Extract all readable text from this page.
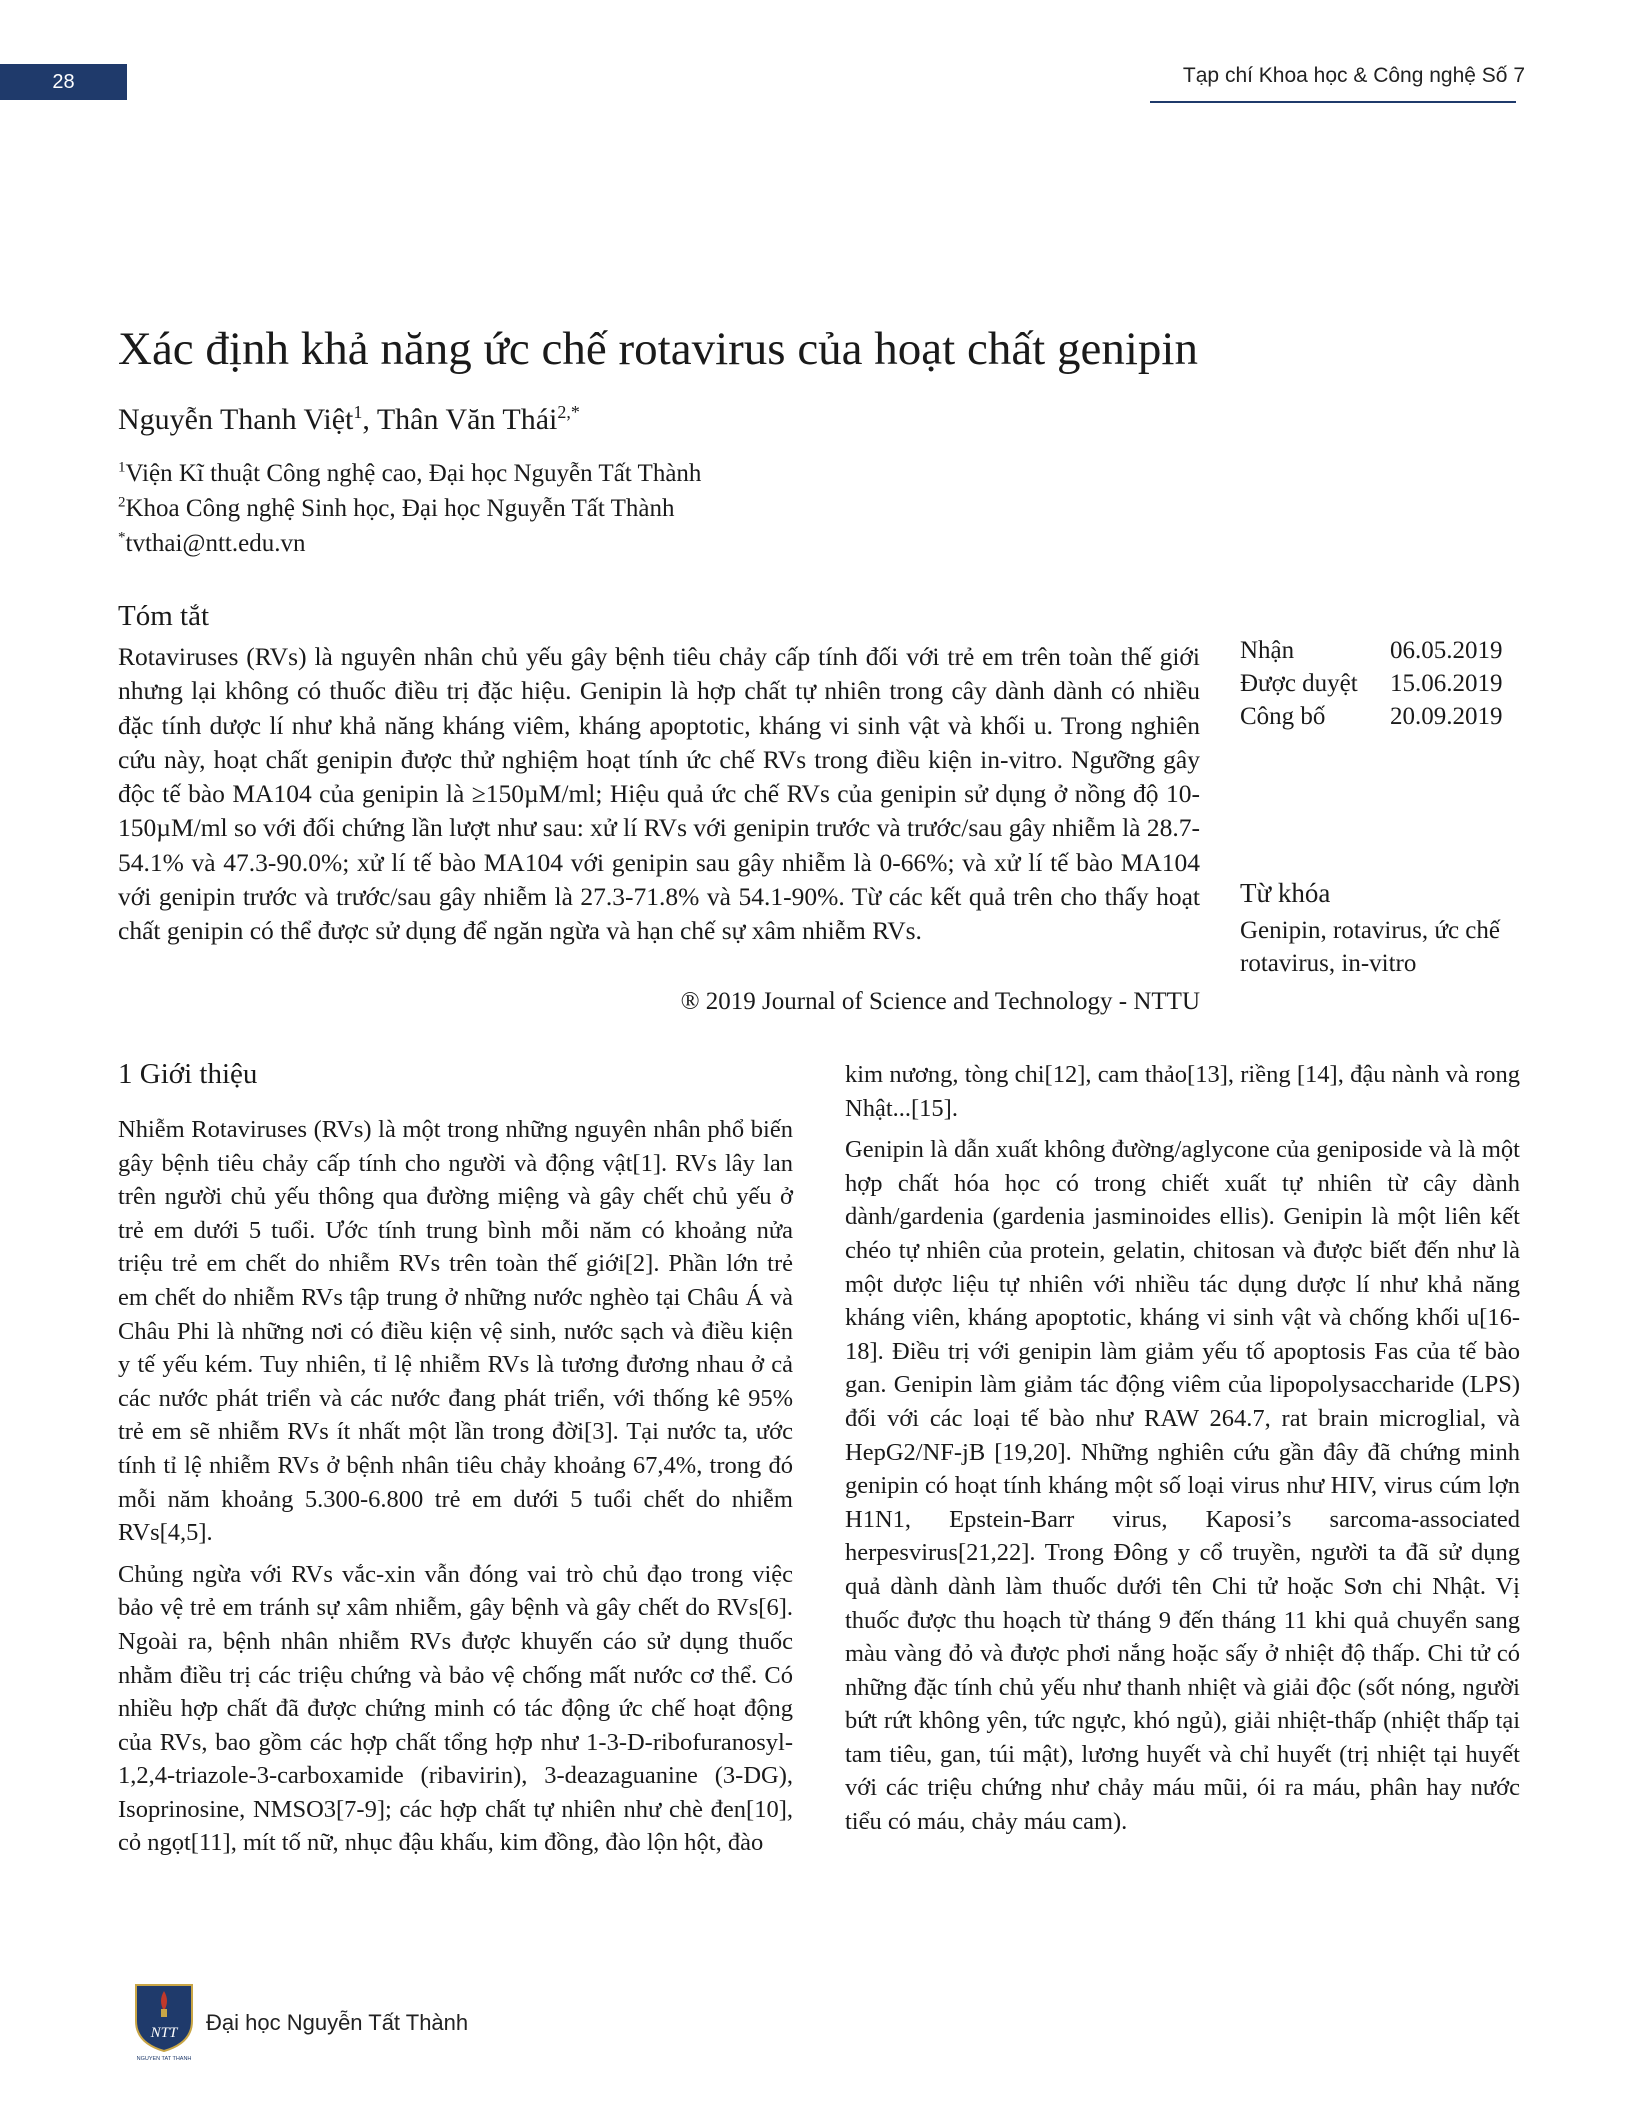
28	Tạp chí Khoa học & Công nghệ Số 7
Xác định khả năng ức chế rotavirus của hoạt chất genipin
Nguyễn Thanh Việt$^1$, Thân Văn Thái$^{2,*}$
$^1$Viện Kĩ thuật Công nghệ cao, Đại học Nguyễn Tất Thành
$^2$Khoa Công nghệ Sinh học, Đại học Nguyễn Tất Thành
*tvthai@ntt.edu.vn
Tóm tắt
Rotaviruses (RVs) là nguyên nhân chủ yếu gây bệnh tiêu chảy cấp tính đối với trẻ em trên toàn thế giới nhưng lại không có thuốc điều trị đặc hiệu. Genipin là hợp chất tự nhiên trong cây dành dành có nhiều đặc tính dược lí như khả năng kháng viêm, kháng apoptotic, kháng vi sinh vật và khối u. Trong nghiên cứu này, hoạt chất genipin được thử nghiệm hoạt tính ức chế RVs trong điều kiện in-vitro. Ngưỡng gây độc tế bào MA104 của genipin là ≥150µM/ml; Hiệu quả ức chế RVs của genipin sử dụng ở nồng độ 10-150µM/ml so với đối chứng lần lượt như sau: xử lí RVs với genipin trước và trước/sau gây nhiễm là 28.7-54.1% và 47.3-90.0%; xử lí tế bào MA104 với genipin sau gây nhiễm là 0-66%; và xử lí tế bào MA104 với genipin trước và trước/sau gây nhiễm là 27.3-71.8% và 54.1-90%. Từ các kết quả trên cho thấy hoạt chất genipin có thể được sử dụng để ngăn ngừa và hạn chế sự xâm nhiễm RVs.
® 2019 Journal of Science and Technology - NTTU
Nhận	06.05.2019
Được duyệt	15.06.2019
Công bố	20.09.2019
Từ khóa
Genipin, rotavirus, ức chế rotavirus, in-vitro
1 Giới thiệu

Nhiễm Rotaviruses (RVs) là một trong những nguyên nhân phổ biến gây bệnh tiêu chảy cấp tính cho người và động vật[1]. RVs lây lan trên người chủ yếu thông qua đường miệng và gây chết chủ yếu ở trẻ em dưới 5 tuổi. Ước tính trung bình mỗi năm có khoảng nửa triệu trẻ em chết do nhiễm RVs trên toàn thế giới[2]. Phần lớn trẻ em chết do nhiễm RVs tập trung ở những nước nghèo tại Châu Á và Châu Phi là những nơi có điều kiện vệ sinh, nước sạch và điều kiện y tế yếu kém. Tuy nhiên, tỉ lệ nhiễm RVs là tương đương nhau ở cả các nước phát triển và các nước đang phát triển, với thống kê 95% trẻ em sẽ nhiễm RVs ít nhất một lần trong đời[3]. Tại nước ta, ước tính tỉ lệ nhiễm RVs ở bệnh nhân tiêu chảy khoảng 67,4%, trong đó mỗi năm khoảng 5.300-6.800 trẻ em dưới 5 tuổi chết do nhiễm RVs[4,5].

Chủng ngừa với RVs vắc-xin vẫn đóng vai trò chủ đạo trong việc bảo vệ trẻ em tránh sự xâm nhiễm, gây bệnh và gây chết do RVs[6]. Ngoài ra, bệnh nhân nhiễm RVs được khuyến cáo sử dụng thuốc nhằm điều trị các triệu chứng và bảo vệ chống mất nước cơ thể. Có nhiều hợp chất đã được chứng minh có tác động ức chế hoạt động của RVs, bao gồm các hợp chất tổng hợp như 1-3-D-ribofuranosyl-1,2,4-triazole-3-carboxamide (ribavirin), 3-deazaguanine (3-DG), Isoprinosine, NMSO3[7-9]; các hợp chất tự nhiên như chè đen[10], cỏ ngọt[11], mít tố nữ, nhục đậu khấu, kim đồng, đào lộn hột, đào

kim nương, tòng chi[12], cam thảo[13], riềng [14], đậu nành và rong Nhật...[15].

Genipin là dẫn xuất không đường/aglycone của geniposide và là một hợp chất hóa học có trong chiết xuất tự nhiên từ cây dành dành/gardenia (gardenia jasminoides ellis). Genipin là một liên kết chéo tự nhiên của protein, gelatin, chitosan và được biết đến như là một dược liệu tự nhiên với nhiều tác dụng dược lí như khả năng kháng viên, kháng apoptotic, kháng vi sinh vật và chống khối u[16-18]. Điều trị với genipin làm giảm yếu tố apoptosis Fas của tế bào gan. Genipin làm giảm tác động viêm của lipopolysaccharide (LPS) đối với các loại tế bào như RAW 264.7, rat brain microglial, và HepG2/NF-jB [19,20]. Những nghiên cứu gần đây đã chứng minh genipin có hoạt tính kháng một số loại virus như HIV, virus cúm lợn H1N1, Epstein-Barr virus, Kaposi’s sarcoma-associated herpesvirus[21,22]. Trong Đông y cổ truyền, người ta đã sử dụng quả dành dành làm thuốc dưới tên Chi tử hoặc Sơn chi Nhật. Vị thuốc được thu hoạch từ tháng 9 đến tháng 11 khi quả chuyển sang màu vàng đỏ và được phơi nắng hoặc sấy ở nhiệt độ thấp. Chi tử có những đặc tính chủ yếu như thanh nhiệt và giải độc (sốt nóng, người bứt rứt không yên, tức ngực, khó ngủ), giải nhiệt-thấp (nhiệt thấp tại tam tiêu, gan, túi mật), lương huyết và chỉ huyết (trị nhiệt tại huyết với các triệu chứng như chảy máu mũi, ói ra máu, phân hay nước tiểu có máu, chảy máu cam).

NTT
NGUYEN TAT THANH
Đại học Nguyễn Tất Thành
